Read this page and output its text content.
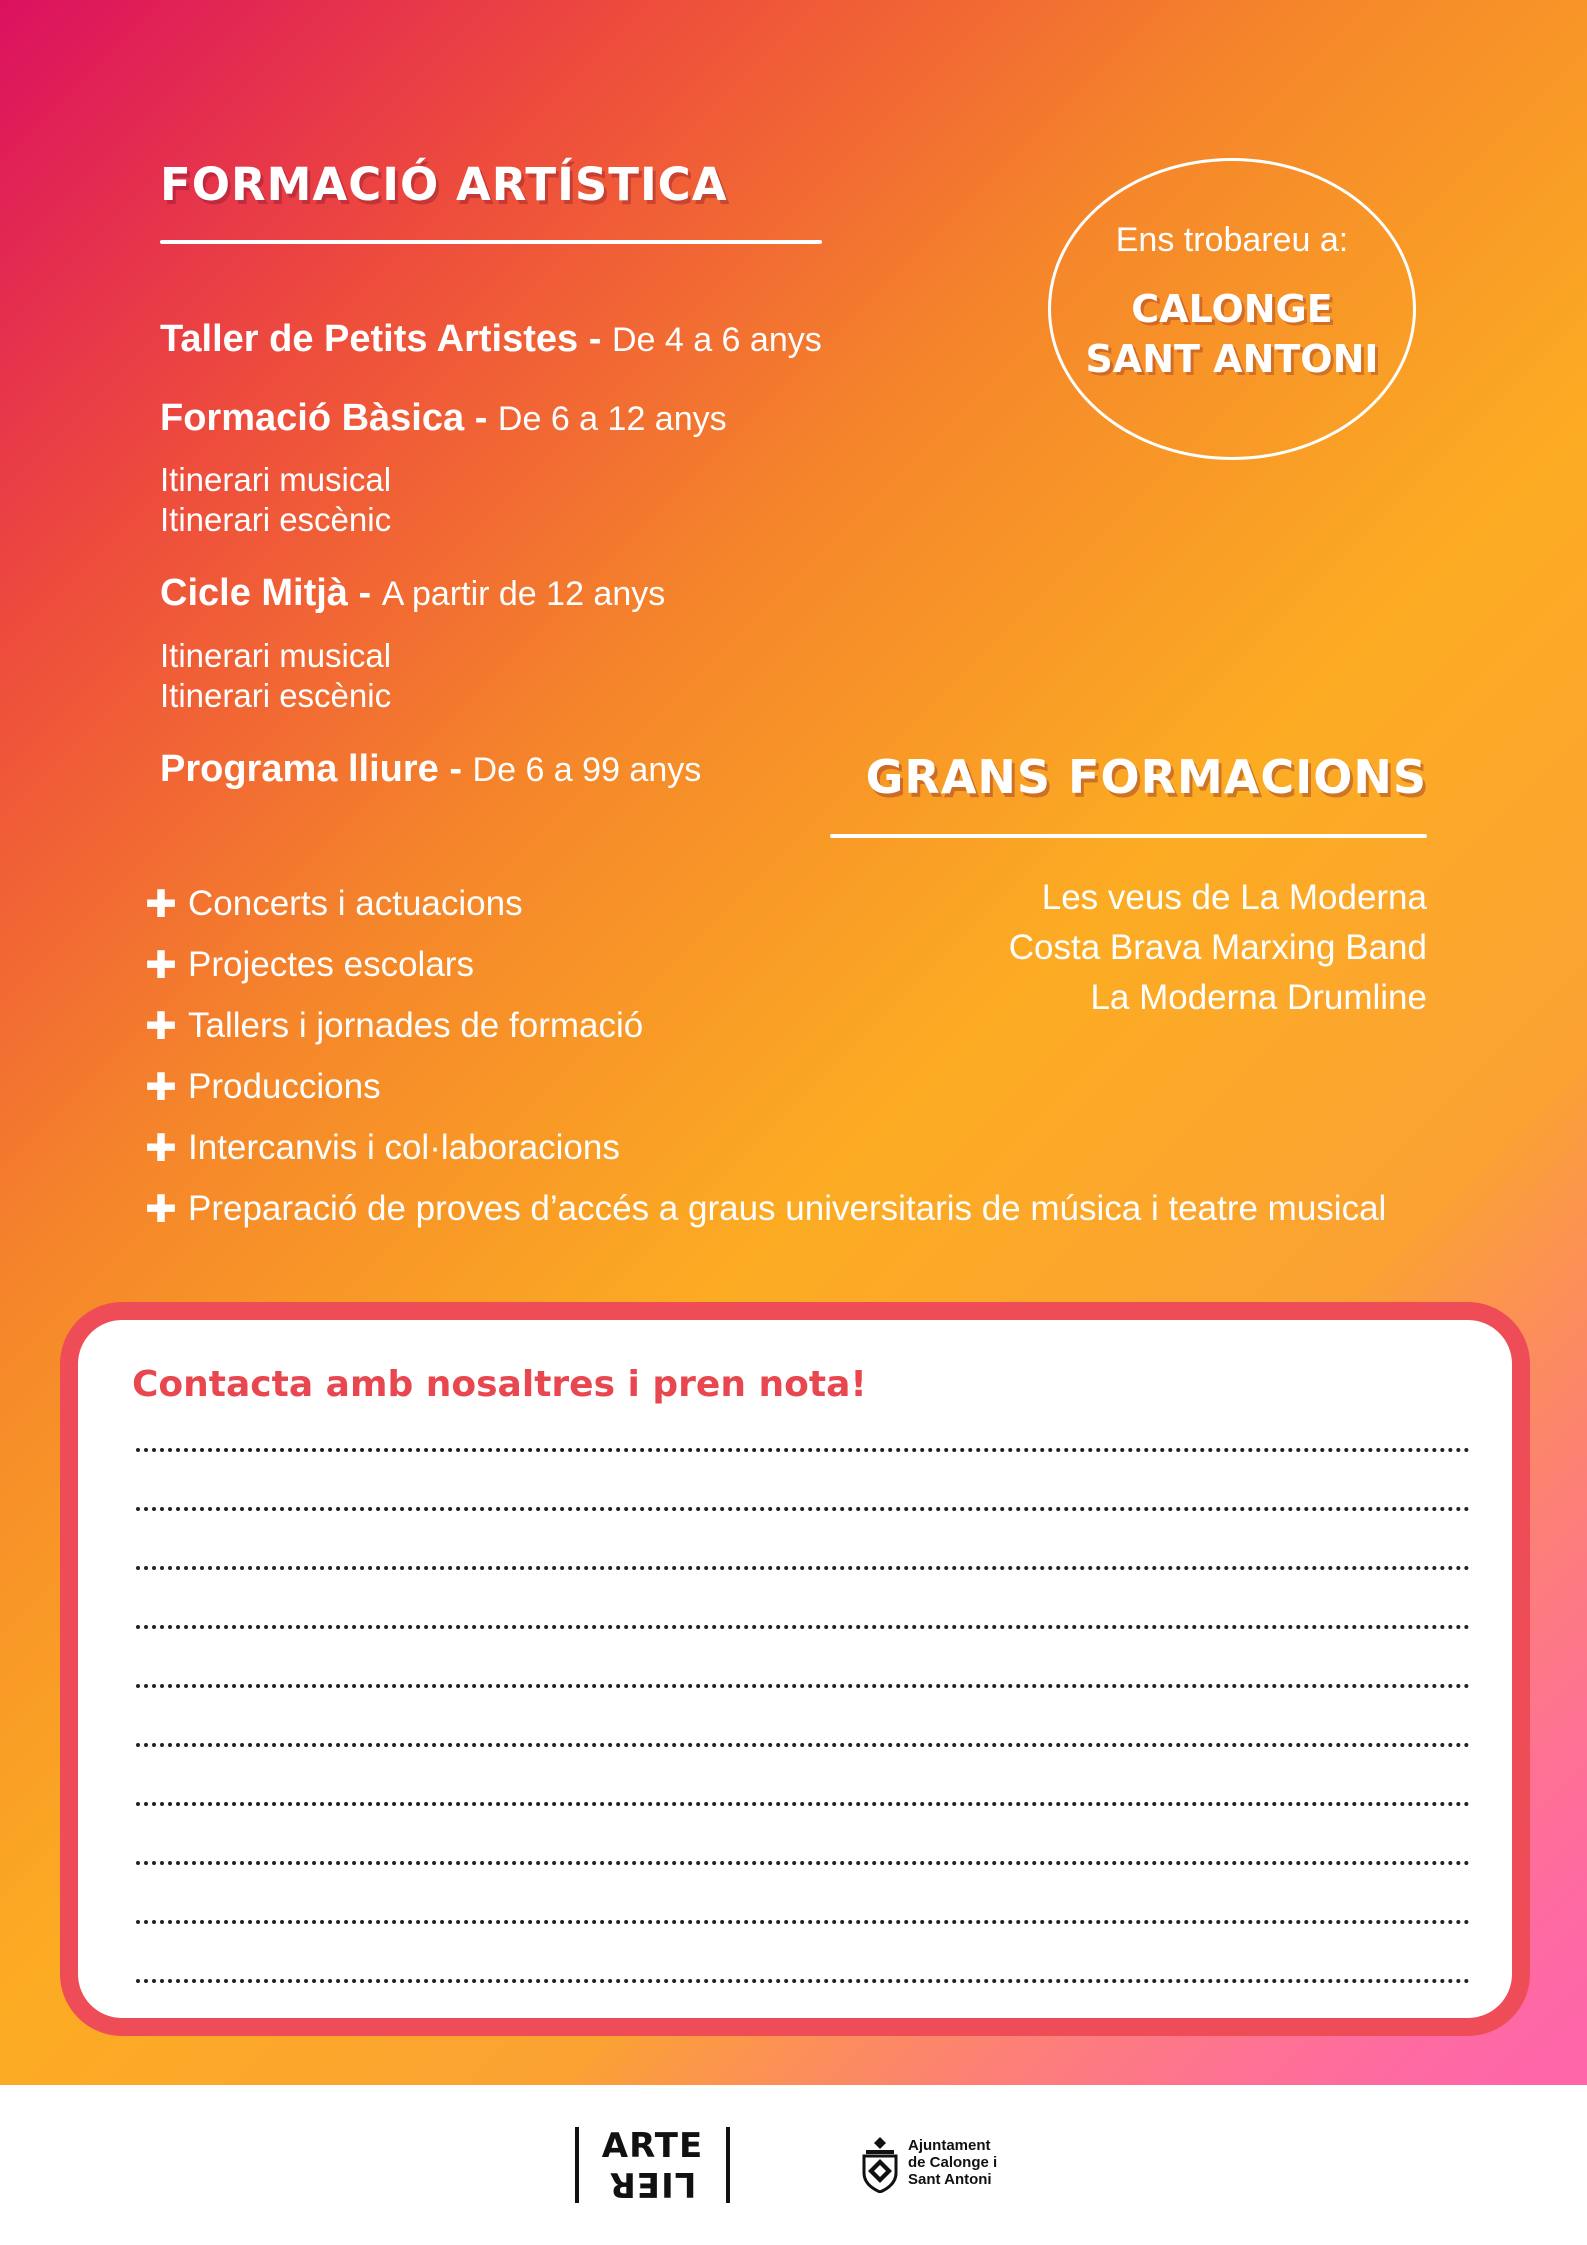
FORMACIÓ ARTÍSTICA
Taller de Petits Artistes - De 4 a 6 anys
Formació Bàsica - De 6 a 12 anys
Itinerari musical
Itinerari escènic
Cicle Mitjà - A partir de 12 anys
Itinerari musical
Itinerari escènic
Programa lliure - De 6 a 99 anys
Ens trobareu a:
CALONGE
SANT ANTONI
GRANS FORMACIONS
Les veus de La Moderna
Costa Brava Marxing Band
La Moderna Drumline
✚ Concerts i actuacions
✚ Projectes escolars
✚ Tallers i jornades de formació
✚ Produccions
✚ Intercanvis i col·laboracions
✚ Preparació de proves d’accés a graus universitaris de música i teatre musical
Contacta amb nosaltres i pren nota!
ARTE
LIER
Ajuntament
de Calonge i
Sant Antoni
